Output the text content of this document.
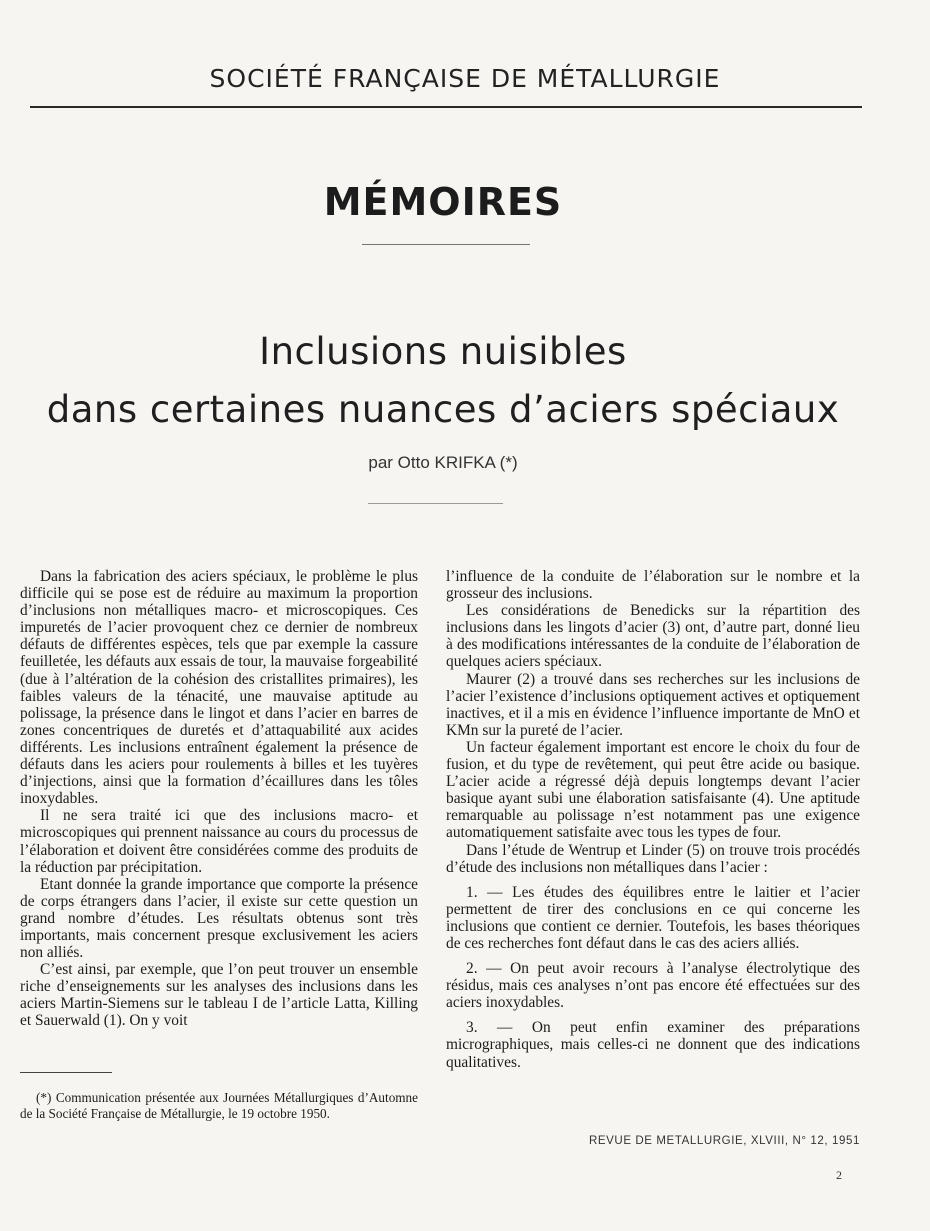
SOCIÉTÉ FRANÇAISE DE MÉTALLURGIE
MÉMOIRES
Inclusions nuisibles
dans certaines nuances d’aciers spéciaux
par Otto KRIFKA (*)

Dans la fabrication des aciers spéciaux, le problème le plus difficile qui se pose est de réduire au maximum la proportion d’inclusions non métalliques macro- et microscopiques. Ces impuretés de l’acier provoquent chez ce dernier de nombreux défauts de différentes espèces, tels que par exemple la cassure feuilletée, les défauts aux essais de tour, la mauvaise forgeabilité (due à l’altération de la cohésion des cristallites primaires), les faibles valeurs de la ténacité, une mauvaise aptitude au polissage, la présence dans le lingot et dans l’acier en barres de zones concentriques de duretés et d’attaquabilité aux acides différents. Les inclusions entraînent également la présence de défauts dans les aciers pour roulements à billes et les tuyères d’injections, ainsi que la formation d’écaillures dans les tôles inoxydables.

Il ne sera traité ici que des inclusions macro- et microscopiques qui prennent naissance au cours du processus de l’élaboration et doivent être considérées comme des produits de la réduction par précipitation.

Etant donnée la grande importance que comporte la présence de corps étrangers dans l’acier, il existe sur cette question un grand nombre d’études. Les résultats obtenus sont très importants, mais concernent presque exclusivement les aciers non alliés.

C’est ainsi, par exemple, que l’on peut trouver un ensemble riche d’enseignements sur les analyses des inclusions dans les aciers Martin-Siemens sur le tableau I de l’article Latta, Killing et Sauerwald (1). On y voit

l’influence de la conduite de l’élaboration sur le nombre et la grosseur des inclusions.

Les considérations de Benedicks sur la répartition des inclusions dans les lingots d’acier (3) ont, d’autre part, donné lieu à des modifications intéressantes de la conduite de l’élaboration de quelques aciers spéciaux.

Maurer (2) a trouvé dans ses recherches sur les inclusions de l’acier l’existence d’inclusions optiquement actives et optiquement inactives, et il a mis en évidence l’influence importante de MnO et KMn sur la pureté de l’acier.

Un facteur également important est encore le choix du four de fusion, et du type de revêtement, qui peut être acide ou basique. L’acier acide a régressé déjà depuis longtemps devant l’acier basique ayant subi une élaboration satisfaisante (4). Une aptitude remarquable au polissage n’est notamment pas une exigence automatiquement satisfaite avec tous les types de four.

Dans l’étude de Wentrup et Linder (5) on trouve trois procédés d’étude des inclusions non métalliques dans l’acier :

1. — Les études des équilibres entre le laitier et l’acier permettent de tirer des conclusions en ce qui concerne les inclusions que contient ce dernier. Toutefois, les bases théoriques de ces recherches font défaut dans le cas des aciers alliés.

2. — On peut avoir recours à l’analyse électrolytique des résidus, mais ces analyses n’ont pas encore été effectuées sur des aciers inoxydables.

3. — On peut enfin examiner des préparations micrographiques, mais celles-ci ne donnent que des indications qualitatives.

(*) Communication présentée aux Journées Métallurgiques d’Automne de la Société Française de Métallurgie, le 19 octobre 1950.
REVUE DE METALLURGIE, XLVIII, N° 12, 1951
2
